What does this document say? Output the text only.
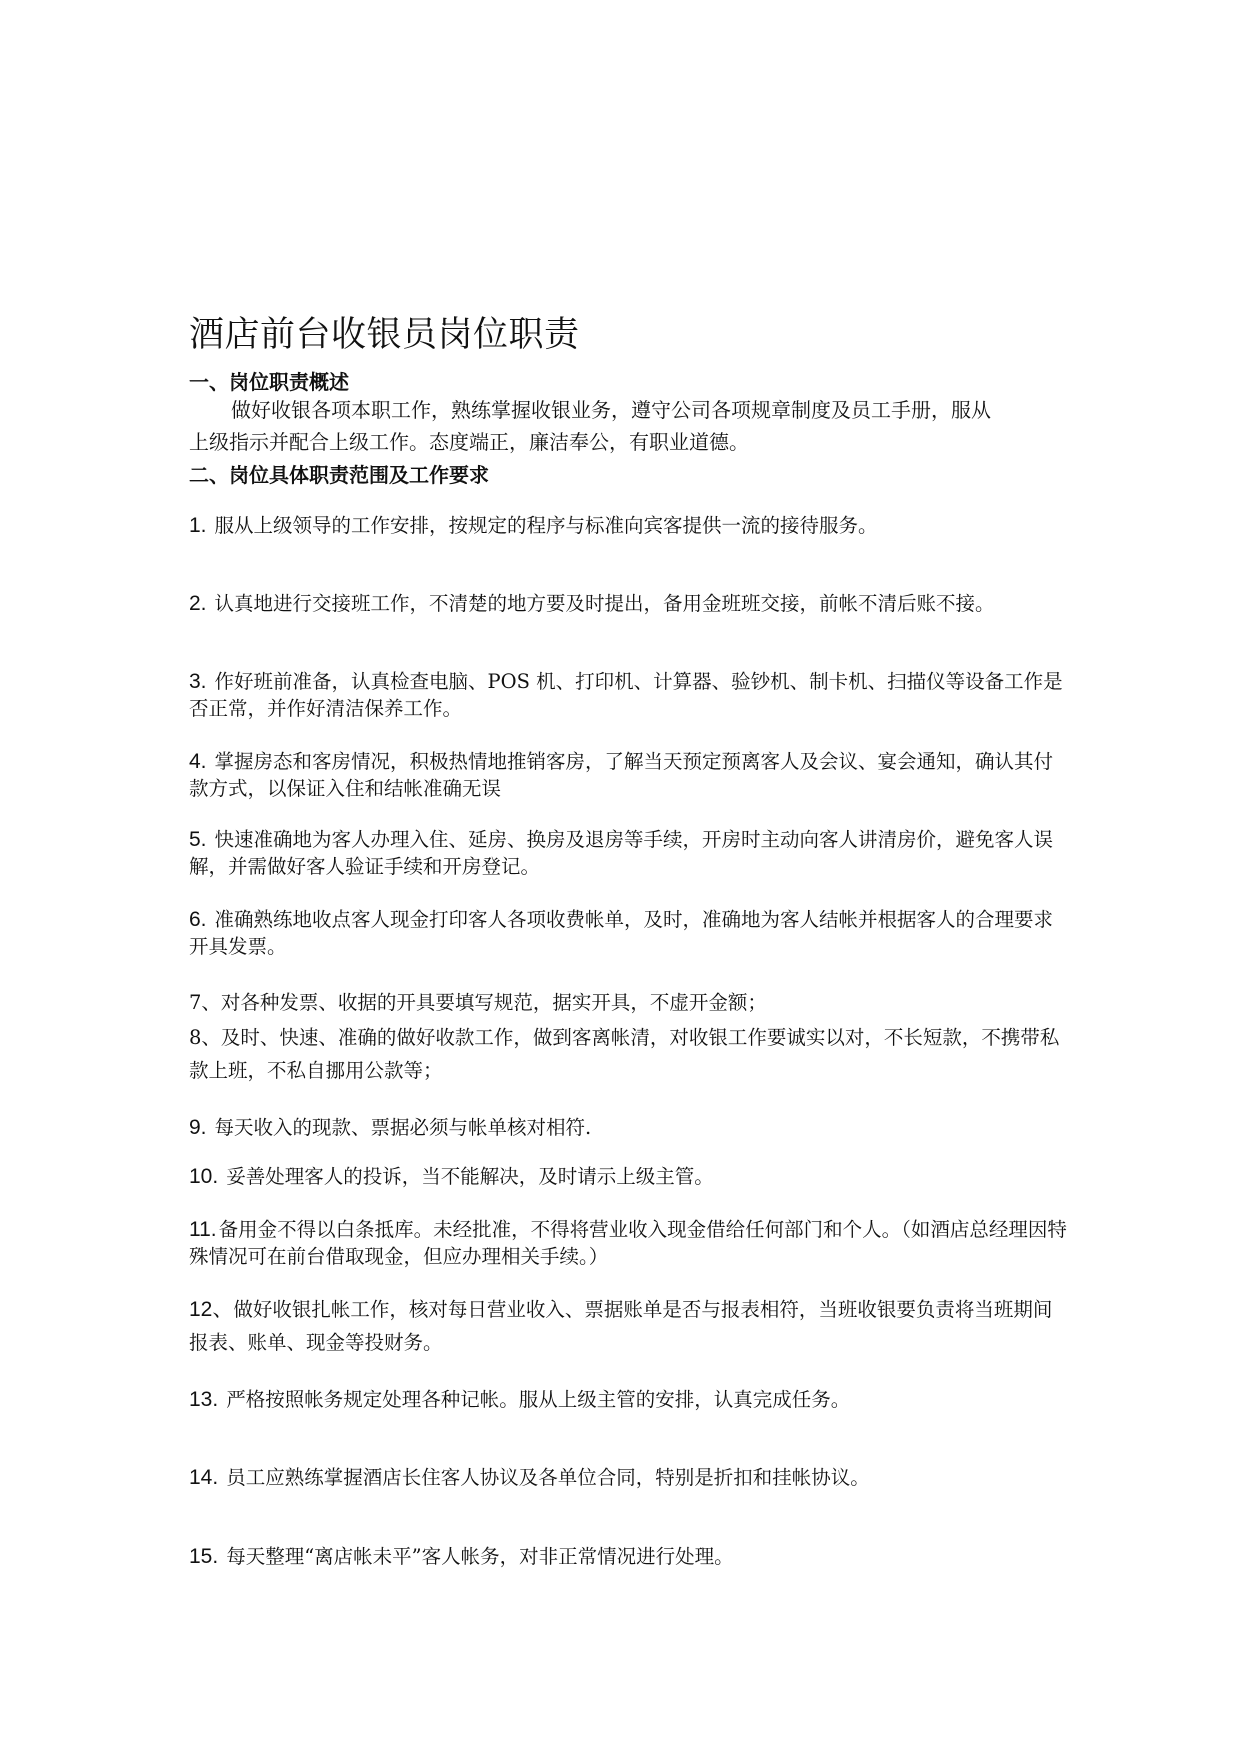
酒店前台收银员岗位职责
一、岗位职责概述
做好收银各项本职工作，熟练掌握收银业务，遵守公司各项规章制度及员工手册，服从
上级指示并配合上级工作。态度端正，廉洁奉公，有职业道德。
二、岗位具体职责范围及工作要求
1. 服从上级领导的工作安排，按规定的程序与标准向宾客提供一流的接待服务。
2. 认真地进行交接班工作，不清楚的地方要及时提出，备用金班班交接，前帐不清后账不接。
3. 作好班前准备，认真检查电脑、POS 机、打印机、计算器、验钞机、制卡机、扫描仪等设备工作是否正常，并作好清洁保养工作。
4. 掌握房态和客房情况，积极热情地推销客房，了解当天预定预离客人及会议、宴会通知，确认其付款方式，以保证入住和结帐准确无误
5. 快速准确地为客人办理入住、延房、换房及退房等手续，开房时主动向客人讲清房价，避免客人误解，并需做好客人验证手续和开房登记。
6. 准确熟练地收点客人现金打印客人各项收费帐单，及时，准确地为客人结帐并根据客人的合理要求开具发票。
7、对各种发票、收据的开具要填写规范，据实开具，不虚开金额；
8、及时、快速、准确的做好收款工作，做到客离帐清，对收银工作要诚实以对，不长短款，不携带私款上班，不私自挪用公款等；
9. 每天收入的现款、票据必须与帐单核对相符.
10. 妥善处理客人的投诉，当不能解决，及时请示上级主管。
11. 备用金不得以白条抵库。未经批准，不得将营业收入现金借给任何部门和个人。（如酒店总经理因特殊情况可在前台借取现金，但应办理相关手续。）
12、做好收银扎帐工作，核对每日营业收入、票据账单是否与报表相符，当班收银要负责将当班期间报表、账单、现金等投财务。
13. 严格按照帐务规定处理各种记帐。服从上级主管的安排，认真完成任务。
14. 员工应熟练掌握酒店长住客人协议及各单位合同，特别是折扣和挂帐协议。
15. 每天整理“离店帐未平”客人帐务，对非正常情况进行处理。
